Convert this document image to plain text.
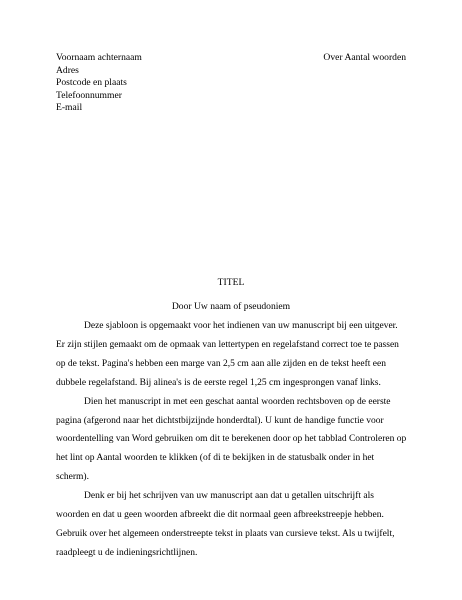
Voornaam achternaam
Adres
Postcode en plaats
Telefoonnummer
E-mail
Over Aantal woorden
TITEL
Door Uw naam of pseudoniem

Deze sjabloon is opgemaakt voor het indienen van uw manuscript bij een uitgever. Er zijn stijlen gemaakt om de opmaak van lettertypen en regelafstand correct toe te passen op de tekst. Pagina's hebben een marge van 2,5 cm aan alle zijden en de tekst heeft een dubbele regelafstand. Bij alinea's is de eerste regel 1,25 cm ingesprongen vanaf links.

Dien het manuscript in met een geschat aantal woorden rechtsboven op de eerste pagina (afgerond naar het dichtstbijzijnde honderdtal). U kunt de handige functie voor woordentelling van Word gebruiken om dit te berekenen door op het tabblad Controleren op het lint op Aantal woorden te klikken (of di te bekijken in de statusbalk onder in het scherm).

Denk er bij het schrijven van uw manuscript aan dat u getallen uitschrijft als woorden en dat u geen woorden afbreekt die dit normaal geen afbreekstreepje hebben. Gebruik over het algemeen onderstreepte tekst in plaats van cursieve tekst. Als u twijfelt, raadpleegt u de indieningsrichtlijnen.
